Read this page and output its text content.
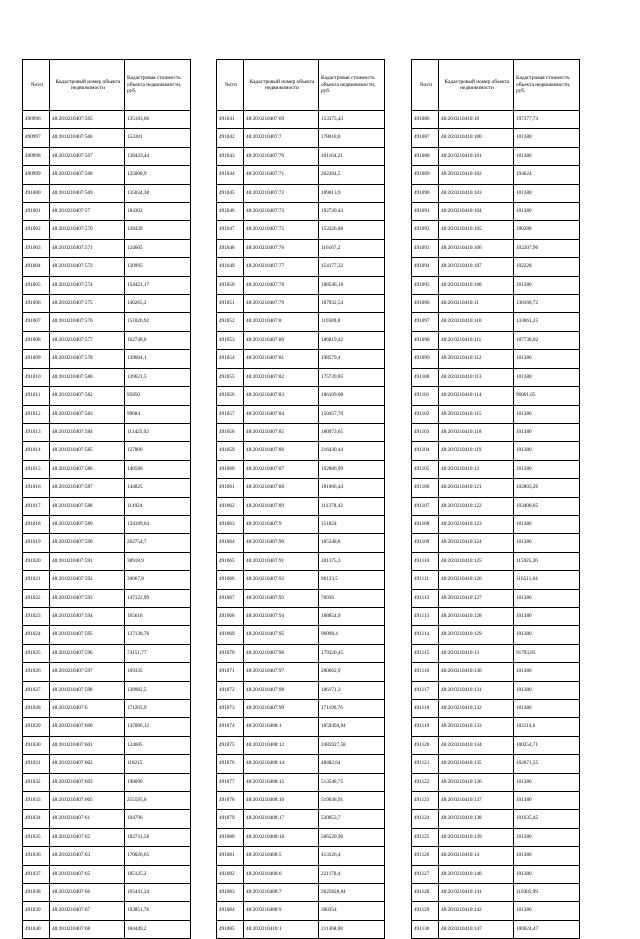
№п/п	Кадастровый номер объекта недвижимости	Кадастровая стоимость объекта недвижимости, руб.
490996	48:20:0210407:565	135183,06
490997	48:20:0210407:566	153381
490998	48:20:0210407:567	138433,44
490999	48:20:0210407:568	135008,9
491000	48:20:0210407:569	135034,38
491001	48:20:0210407:57	184302
491002	48:20:0210407:570	128439
491003	48:20:0210407:571	124605
491004	48:20:0210407:572	130995
491005	48:20:0210407:574	154421,17
491006	48:20:0210407:575	140265,2
491007	48:20:0210407:576	151020,92
491008	48:20:0210407:577	162748,6
491009	48:20:0210407:578	139664,1
491010	48:20:0210407:580	139621,5
491011	48:20:0210407:582	95850
491012	48:20:0210407:583	99684
491013	48:20:0210407:584	113425,92
491014	48:20:0210407:585	127800
491015	48:20:0210407:586	140580
491016	48:20:0210407:587	144825
491017	48:20:0210407:588	114924
491018	48:20:0210407:589	134189,04
491019	48:20:0210407:590	202754,7
491020	48:20:0210407:591	38918,9
491021	48:20:0210407:592	30067,8
491022	48:20:0210407:593	147122,99
491023	48:20:0210407:594	165618
491024	48:20:0210407:595	137138,76
491025	48:20:0210407:596	74151,77
491026	48:20:0210407:597	169335
491027	48:20:0210407:598	138982,5
491028	48:20:0210407:6	171205,9
491029	48:20:0210407:600	147006,12
491030	48:20:0210407:601	124605
491031	48:20:0210407:602	118215
491032	48:20:0210407:603	198090
491033	48:20:0210407:605	255595,6
491034	48:20:0210407:61	104796
491035	48:20:0210407:62	182731,58
491036	48:20:0210407:63	170026,65
491037	48:20:0210407:65	185125,2
491038	48:20:0210407:66	165441,24
491039	48:20:0210407:67	193851,76
491040	48:20:0210407:68	184449,2
№п/п	Кадастровый номер объекта недвижимости	Кадастровая стоимость объекта недвижимости, руб.
491041	48:20:0210407:69	153375,43
491042	48:20:0210407:7	178018,8
491043	48:20:0210407:70	101164,21
491044	48:20:0210407:71	202264,5
491045	48:20:0210407:72	189013,9
491046	48:20:0210407:73	192720,43
491047	48:20:0210407:75	153326,88
491048	48:20:0210407:76	116167,2
491049	48:20:0210407:77	154177,32
491050	48:20:0210407:78	188546,18
491051	48:20:0210407:79	187932,54
491052	48:20:0210407:8	119589,8
491053	48:20:0210407:80	186819,42
491054	48:20:0210407:81	198579,4
491055	48:20:0210407:82	175739,85
491056	48:20:0210407:83	186109,08
491057	48:20:0210407:84	150457,79
491058	48:20:0210407:85	180973,65
491059	48:20:0210407:86	216430,44
491060	48:20:0210407:87	192806,99
491061	48:20:0210407:88	181066,44
491062	48:20:0210407:89	111378,43
491063	48:20:0210407:9	151824
491064	48:20:0210407:90	185348,8
491065	48:20:0210407:91	201375,3
491066	48:20:0210407:92	96133,5
491067	48:20:0210407:93	70936
491068	48:20:0210407:94	188854,9
491069	48:20:0210407:95	96098,4
491070	48:20:0210407:96	179320,45
491071	48:20:0210407:97	280062,9
491072	48:20:0210407:98	186171,3
491073	48:20:0210407:99	171196,76
491074	48:20:0210408:1	1859494,84
491075	48:20:0210408:12	2485927,58
491076	48:20:0210408:14	48482,64
491077	48:20:0210408:15	513548,75
491078	48:20:0210408:16	519038,91
491079	48:20:0210408:17	520053,7
491080	48:20:0210408:18	506520,96
491081	48:20:0210408:5	413326,4
491082	48:20:0210408:6	221170,4
491083	48:20:0210408:7	2625828,84
491084	48:20:0210408:9	300354
491085	48:20:0210410:1	211368,08
№п/п	Кадастровый номер объекта недвижимости	Кадастровая стоимость объекта недвижимости, руб.
491086	48:20:0210410:10	197377,74
491087	48:20:0210410:100	101380
491088	48:20:0210410:101	101380
491089	48:20:0210410:102	194624
491090	48:20:0210410:103	101380
491091	48:20:0210410:104	101380
491092	48:20:0210410:105	100288
491093	48:20:0210410:106	102207,96
491094	48:20:0210410:107	102228
491095	48:20:0210410:108	101380
491096	48:20:0210410:11	138168,72
491097	48:20:0210410:110	133061,25
491098	48:20:0210410:111	107738,02
491099	48:20:0210410:112	101380
491100	48:20:0210410:113	101380
491101	48:20:0210410:114	96061,65
491102	48:20:0210410:115	101380
491103	48:20:0210410:118	101380
491104	48:20:0210410:119	101380
491105	48:20:0210410:12	101380
491106	48:20:0210410:121	102803,26
491107	48:20:0210410:122	103408,65
491108	48:20:0210410:123	101380
491109	48:20:0210410:124	101380
491110	48:20:0210410:125	115925,26
491111	48:20:0210410:126	116511,64
491112	48:20:0210410:127	101380
491113	48:20:0210410:128	101380
491114	48:20:0210410:129	101380
491115	48:20:0210410:13	91793,85
491116	48:20:0210410:130	101380
491117	48:20:0210410:131	101380
491118	48:20:0210410:132	101380
491119	48:20:0210410:133	102114,6
491120	48:20:0210410:134	100254,71
491121	48:20:0210410:135	102671,55
491122	48:20:0210410:136	101380
491123	48:20:0210410:137	101380
491124	48:20:0210410:138	101635,45
491125	48:20:0210410:139	101380
491126	48:20:0210410:14	101380
491127	48:20:0210410:140	101380
491128	48:20:0210410:141	110305,99
491129	48:20:0210410:142	101380
491130	48:20:0210410:147	100024,47
